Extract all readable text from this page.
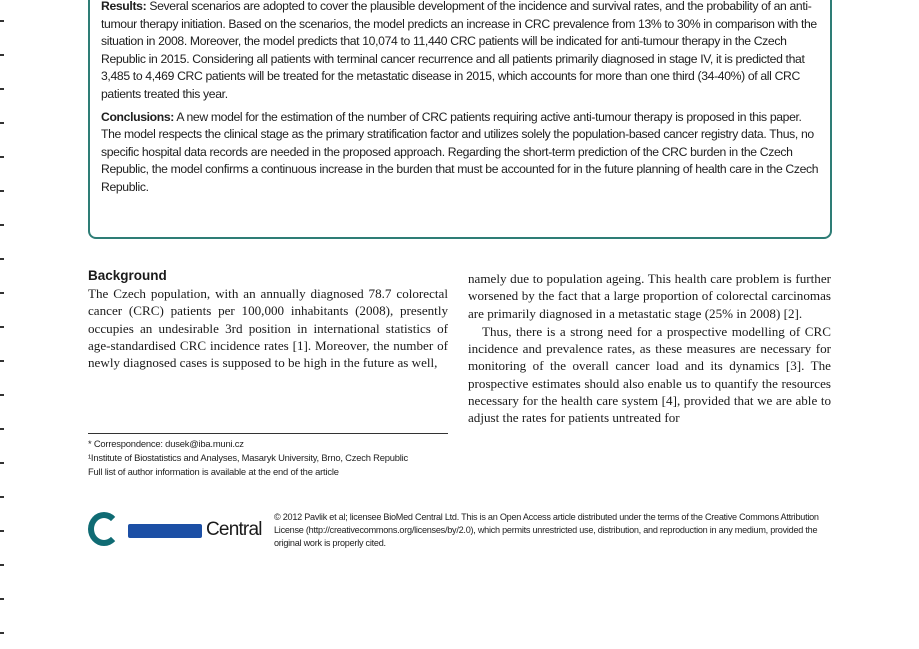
Results: Several scenarios are adopted to cover the plausible development of the incidence and survival rates, and the probability of an anti-tumour therapy initiation. Based on the scenarios, the model predicts an increase in CRC prevalence from 13% to 30% in comparison with the situation in 2008. Moreover, the model predicts that 10,074 to 11,440 CRC patients will be indicated for anti-tumour therapy in the Czech Republic in 2015. Considering all patients with terminal cancer recurrence and all patients primarily diagnosed in stage IV, it is predicted that 3,485 to 4,469 CRC patients will be treated for the metastatic disease in 2015, which accounts for more than one third (34-40%) of all CRC patients treated this year.

Conclusions: A new model for the estimation of the number of CRC patients requiring active anti-tumour therapy is proposed in this paper. The model respects the clinical stage as the primary stratification factor and utilizes solely the population-based cancer registry data. Thus, no specific hospital data records are needed in the proposed approach. Regarding the short-term prediction of the CRC burden in the Czech Republic, the model confirms a continuous increase in the burden that must be accounted for in the future planning of health care in the Czech Republic.

Background

The Czech population, with an annually diagnosed 78.7 colorectal cancer (CRC) patients per 100,000 inhabitants (2008), presently occupies an undesirable 3rd position in international statistics of age-standardised CRC incidence rates [1]. Moreover, the number of newly diagnosed cases is supposed to be high in the future as well,

namely due to population ageing. This health care problem is further worsened by the fact that a large proportion of colorectal carcinomas are primarily diagnosed in a metastatic stage (25% in 2008) [2].

Thus, there is a strong need for a prospective modelling of CRC incidence and prevalence rates, as these measures are necessary for monitoring of the overall cancer load and its dynamics [3]. The prospective estimates should also enable us to quantify the resources necessary for the health care system [4], provided that we are able to adjust the rates for patients untreated for

* Correspondence: dusek@iba.muni.cz
¹Institute of Biostatistics and Analyses, Masaryk University, Brno, Czech Republic
Full list of author information is available at the end of the article
Central
© 2012 Pavlik et al; licensee BioMed Central Ltd. This is an Open Access article distributed under the terms of the Creative Commons Attribution License (http://creativecommons.org/licenses/by/2.0), which permits unrestricted use, distribution, and reproduction in any medium, provided the original work is properly cited.
